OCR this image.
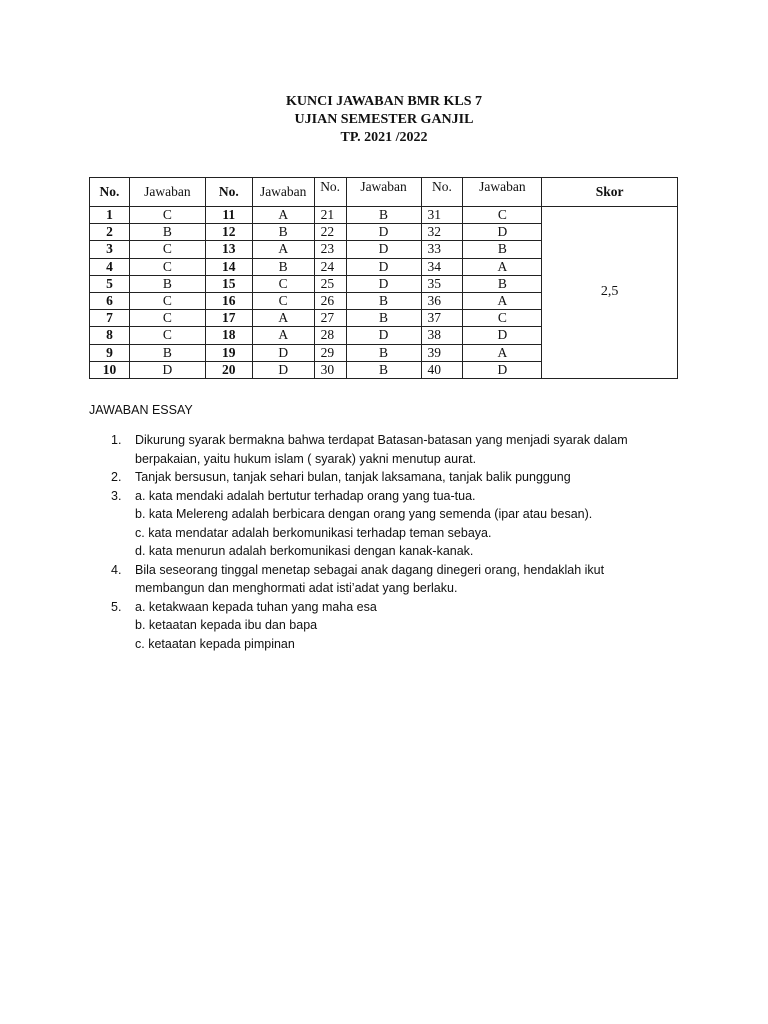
KUNCI JAWABAN BMR KLS 7
UJIAN SEMESTER GANJIL
TP. 2021 /2022
No.	Jawaban	No.	Jawaban	No.	Jawaban	No.	Jawaban	Skor
1	C	11	A	21	B	31	C	2,5
2	B	12	B	22	D	32	D	
3	C	13	A	23	D	33	B	
4	C	14	B	24	D	34	A	
5	B	15	C	25	D	35	B	
6	C	16	C	26	B	36	A	
7	C	17	A	27	B	37	C	
8	C	18	A	28	D	38	D	
9	B	19	D	29	B	39	A	
10	D	20	D	30	B	40	D	
JAWABAN ESSAY
1.	Dikurung syarak bermakna bahwa terdapat Batasan-batasan yang menjadi syarak dalam
berpakaian, yaitu hukum islam ( syarak) yakni menutup aurat.
2.	Tanjak bersusun, tanjak sehari bulan, tanjak laksamana, tanjak balik punggung
3.	a. kata mendaki adalah bertutur terhadap orang yang tua-tua.
b. kata Melereng adalah berbicara dengan orang yang semenda (ipar atau besan).
c. kata mendatar adalah berkomunikasi terhadap teman sebaya.
d. kata menurun adalah berkomunikasi dengan kanak-kanak.
4.	Bila seseorang tinggal menetap sebagai anak dagang dinegeri orang, hendaklah ikut
membangun dan menghormati adat isti’adat yang berlaku.
5.	a. ketakwaan kepada tuhan yang maha esa
b. ketaatan kepada ibu dan bapa
c. ketaatan kepada pimpinan
